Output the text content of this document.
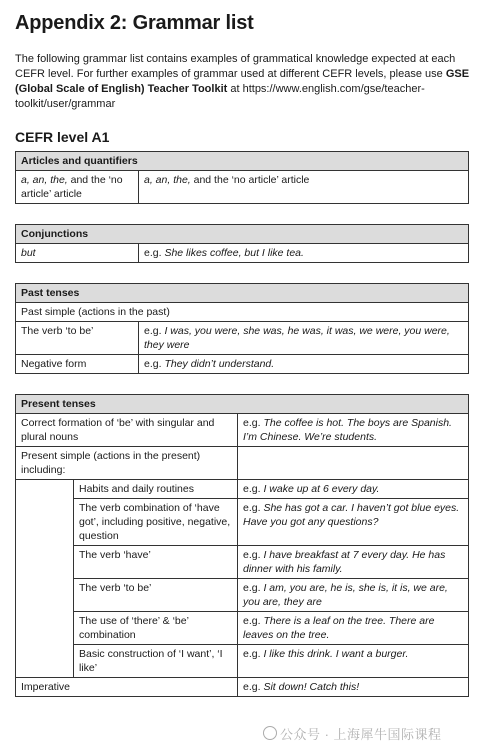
Appendix 2: Grammar list

The following grammar list contains examples of grammatical knowledge expected at each CEFR level. For further examples of grammar used at different CEFR levels, please use GSE (Global Scale of English) Teacher Toolkit at https://www.english.com/gse/teacher-toolkit/user/grammar

CEFR level A1
Articles and quantifiers
a, an, the, and the ‘no article’ article	a, an, the, and the ‘no article’ article
Conjunctions
but	e.g. She likes coffee, but I like tea.
Past tenses	
Past simple (actions in the past)	
The verb ‘to be’	e.g. I was, you were, she was, he was, it was, we were, you were, they were
Negative form	e.g. They didn’t understand.
Present tenses		
Correct formation of ‘be’ with singular and plural nouns		e.g. The coffee is hot. The boys are Spanish. I’m Chinese. We’re students.
Present simple (actions in the present) including:		
	Habits and daily routines	e.g. I wake up at 6 every day.
	The verb combination of ‘have got’, including positive, negative, question	e.g. She has got a car. I haven’t got blue eyes. Have you got any questions?
	The verb ‘have’	e.g. I have breakfast at 7 every day. He has dinner with his family.
	The verb ‘to be’	e.g. I am, you are, he is, she is, it is, we are, you are, they are
	The use of ‘there’ & ‘be’ combination	e.g. There is a leaf on the tree. There are leaves on the tree.
	Basic construction of ‘I want’, ‘I like’	e.g. I like this drink. I want a burger.
Imperative		e.g. Sit down! Catch this!
公众号 · 上海犀牛国际课程
